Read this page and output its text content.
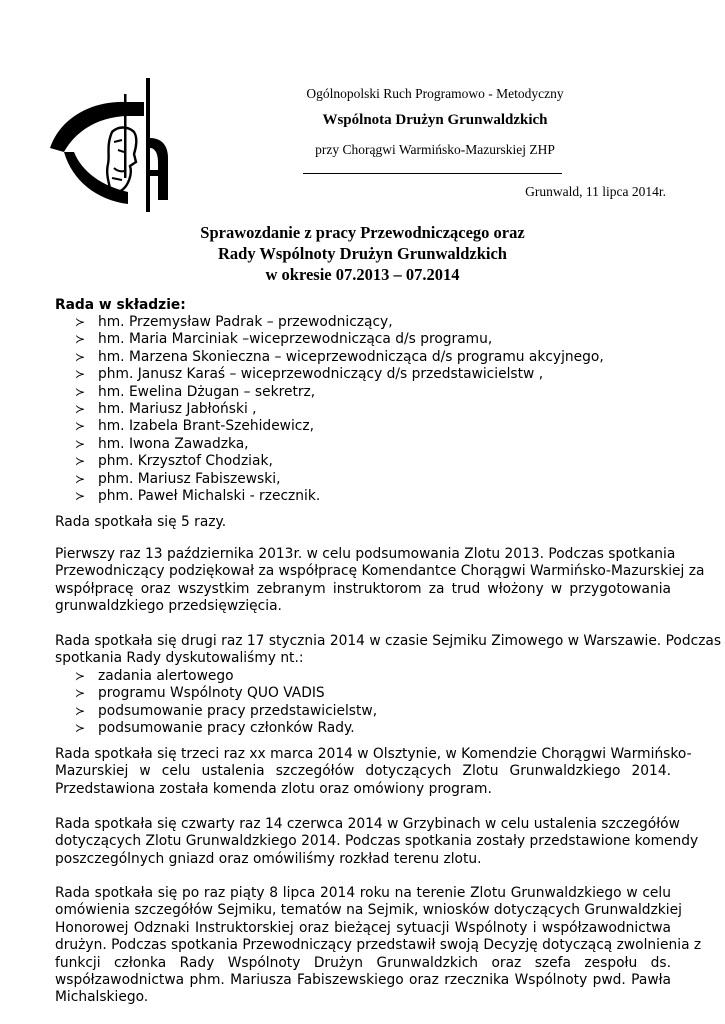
Ogólnopolski Ruch Programowo - Metodyczny
Wspólnota Drużyn Grunwaldzkich
przy Chorągwi Warmińsko-Mazurskiej ZHP
Grunwald, 11 lipca 2014r.
Sprawozdanie z pracy Przewodniczącego oraz
Rady Wspólnoty Drużyn Grunwaldzkich
w okresie 07.2013 – 07.2014
Rada w składzie:
≻ hm. Przemysław Padrak – przewodniczący,
≻ hm. Maria Marciniak –wiceprzewodnicząca d/s programu,
≻ hm. Marzena Skonieczna – wiceprzewodnicząca d/s programu akcyjnego,
≻ phm. Janusz Karaś – wiceprzewodniczący d/s przedstawicielstw ,
≻ hm. Ewelina Dżugan – sekretrz,
≻ hm. Mariusz Jabłoński ,
≻ hm. Izabela Brant-Szehidewicz,
≻ hm. Iwona Zawadzka,
≻ phm. Krzysztof Chodziak,
≻ phm. Mariusz Fabiszewski,
≻ phm. Paweł Michalski - rzecznik.
Rada spotkała się 5 razy.
Pierwszy raz 13 października 2013r. w celu podsumowania Zlotu 2013. Podczas spotkania
Przewodniczący podziękował za współpracę Komendantce Chorągwi Warmińsko-Mazurskiej za
współpracę oraz wszystkim zebranym instruktorom za trud włożony w przygotowania
grunwaldzkiego przedsięwzięcia.
Rada spotkała się drugi raz 17 stycznia 2014 w czasie Sejmiku Zimowego w Warszawie. Podczas
spotkania Rady dyskutowaliśmy nt.:
≻ zadania alertowego
≻ programu Wspólnoty QUO VADIS
≻ podsumowanie pracy przedstawicielstw,
≻ podsumowanie pracy członków Rady.
Rada spotkała się trzeci raz xx marca 2014 w Olsztynie, w Komendzie Chorągwi Warmińsko-
Mazurskiej w celu ustalenia szczegółów dotyczących Zlotu Grunwaldzkiego 2014.
Przedstawiona została komenda zlotu oraz omówiony program.
Rada spotkała się czwarty raz 14 czerwca 2014 w Grzybinach w celu ustalenia szczegółów
dotyczących Zlotu Grunwaldzkiego 2014. Podczas spotkania zostały przedstawione komendy
poszczególnych gniazd oraz omówiliśmy rozkład terenu zlotu.
Rada spotkała się po raz piąty 8 lipca 2014 roku na terenie Zlotu Grunwaldzkiego w celu
omówienia szczegółów Sejmiku, tematów na Sejmik, wniosków dotyczących Grunwaldzkiej
Honorowej Odznaki Instruktorskiej oraz bieżącej sytuacji Wspólnoty i współzawodnictwa
drużyn. Podczas spotkania Przewodniczący przedstawił swoją Decyzję dotyczącą zwolnienia z
funkcji członka Rady Wspólnoty Drużyn Grunwaldzkich oraz szefa zespołu ds.
współzawodnictwa phm. Mariusza Fabiszewskiego oraz rzecznika Wspólnoty pwd. Pawła
Michalskiego.
